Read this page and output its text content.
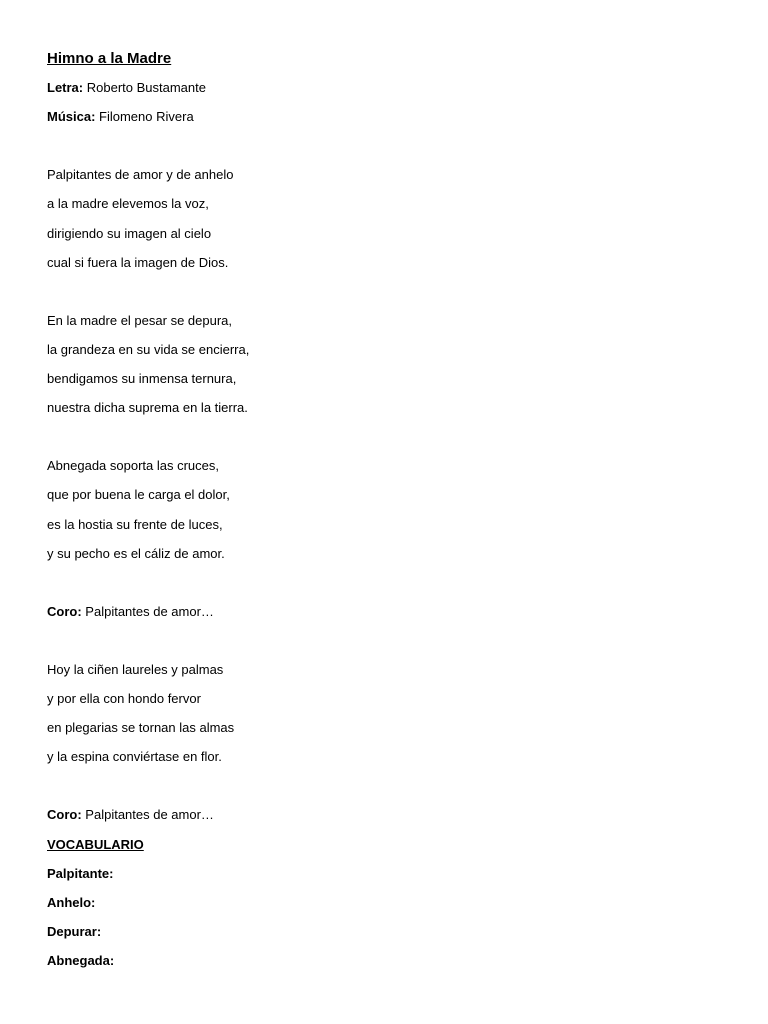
Himno a la Madre
Letra: Roberto Bustamante
Música: Filomeno Rivera
Palpitantes de amor y de anhelo
a la madre elevemos la voz,
dirigiendo su imagen al cielo
cual si fuera la imagen de Dios.
En la madre el pesar se depura,
la grandeza en su vida se encierra,
bendigamos su inmensa ternura,
nuestra dicha suprema en la tierra.
Abnegada soporta las cruces,
que por buena le carga el dolor,
es la hostia su frente de luces,
y su pecho es el cáliz de amor.
Coro: Palpitantes de amor…
Hoy la ciñen laureles y palmas
y por ella con hondo fervor
en plegarias se tornan las almas
y la espina conviértase en flor.
Coro: Palpitantes de amor…
VOCABULARIO
Palpitante:
Anhelo:
Depurar:
Abnegada:
